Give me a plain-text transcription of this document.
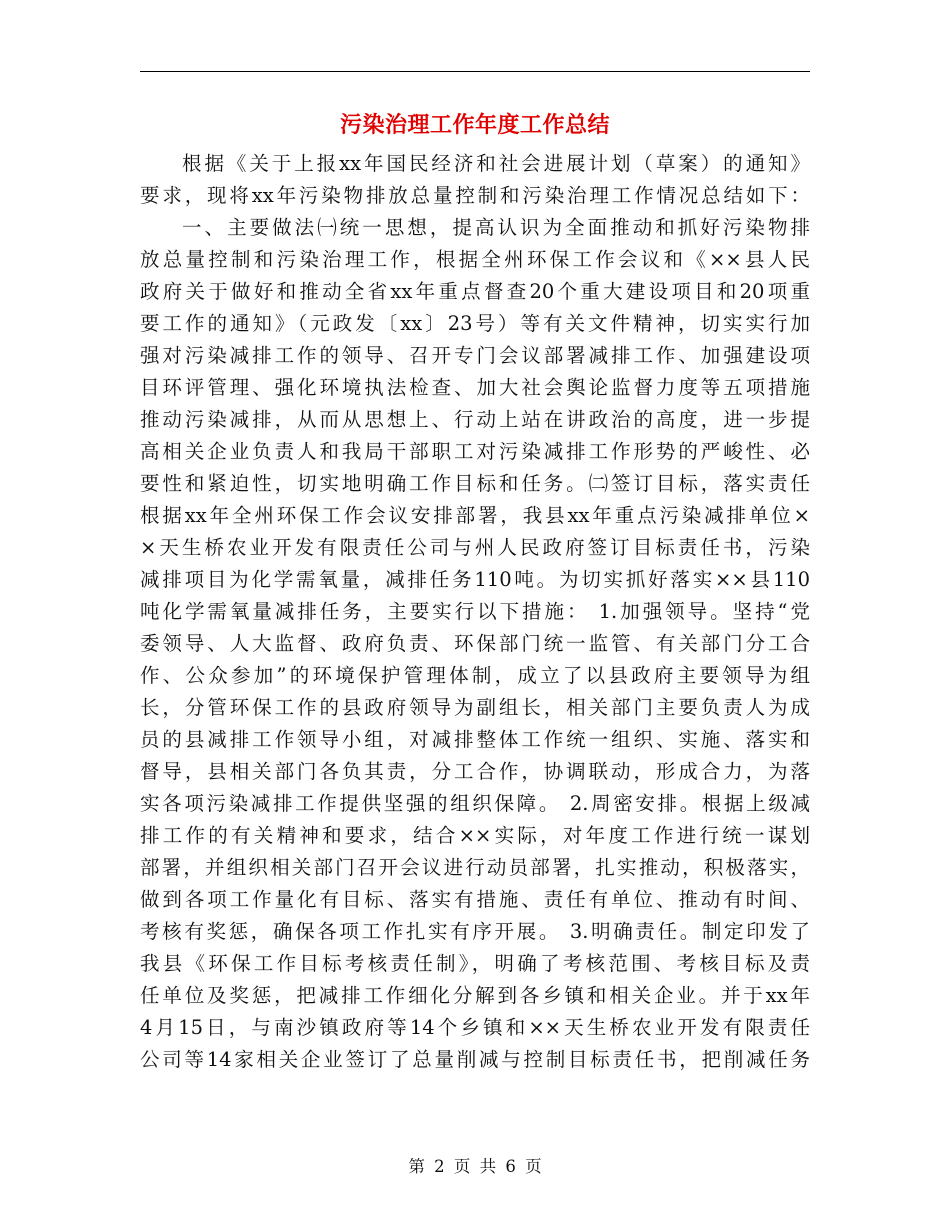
污染治理工作年度工作总结
根据《关于上报xx年国民经济和社会进展计划（草案）的通知》
要求，现将xx年污染物排放总量控制和污染治理工作情况总结如下：
一、主要做法㈠统一思想，提高认识为全面推动和抓好污染物排
放总量控制和污染治理工作，根据全州环保工作会议和《××县人民
政府关于做好和推动全省xx年重点督查20个重大建设项目和20项重
要工作的通知》（元政发〔xx〕23号）等有关文件精神，切实实行加
强对污染减排工作的领导、召开专门会议部署减排工作、加强建设项
目环评管理、强化环境执法检查、加大社会舆论监督力度等五项措施
推动污染减排，从而从思想上、行动上站在讲政治的高度，进一步提
高相关企业负责人和我局干部职工对污染减排工作形势的严峻性、必
要性和紧迫性，切实地明确工作目标和任务。㈡签订目标，落实责任
根据xx年全州环保工作会议安排部署，我县xx年重点污染减排单位×
×天生桥农业开发有限责任公司与州人民政府签订目标责任书，污染
减排项目为化学需氧量，减排任务110吨。为切实抓好落实××县110
吨化学需氧量减排任务，主要实行以下措施： 1.加强领导。坚持“党
委领导、人大监督、政府负责、环保部门统一监管、有关部门分工合
作、公众参加”的环境保护管理体制，成立了以县政府主要领导为组
长，分管环保工作的县政府领导为副组长，相关部门主要负责人为成
员的县减排工作领导小组，对减排整体工作统一组织、实施、落实和
督导，县相关部门各负其责，分工合作，协调联动，形成合力，为落
实各项污染减排工作提供坚强的组织保障。 2.周密安排。根据上级减
排工作的有关精神和要求，结合××实际，对年度工作进行统一谋划
部署，并组织相关部门召开会议进行动员部署，扎实推动，积极落实，
做到各项工作量化有目标、落实有措施、责任有单位、推动有时间、
考核有奖惩，确保各项工作扎实有序开展。 3.明确责任。制定印发了
我县《环保工作目标考核责任制》，明确了考核范围、考核目标及责
任单位及奖惩，把减排工作细化分解到各乡镇和相关企业。并于xx年
4月15日，与南沙镇政府等14个乡镇和××天生桥农业开发有限责任
公司等14家相关企业签订了总量削减与控制目标责任书，把削减任务
第 2 页 共 6 页
